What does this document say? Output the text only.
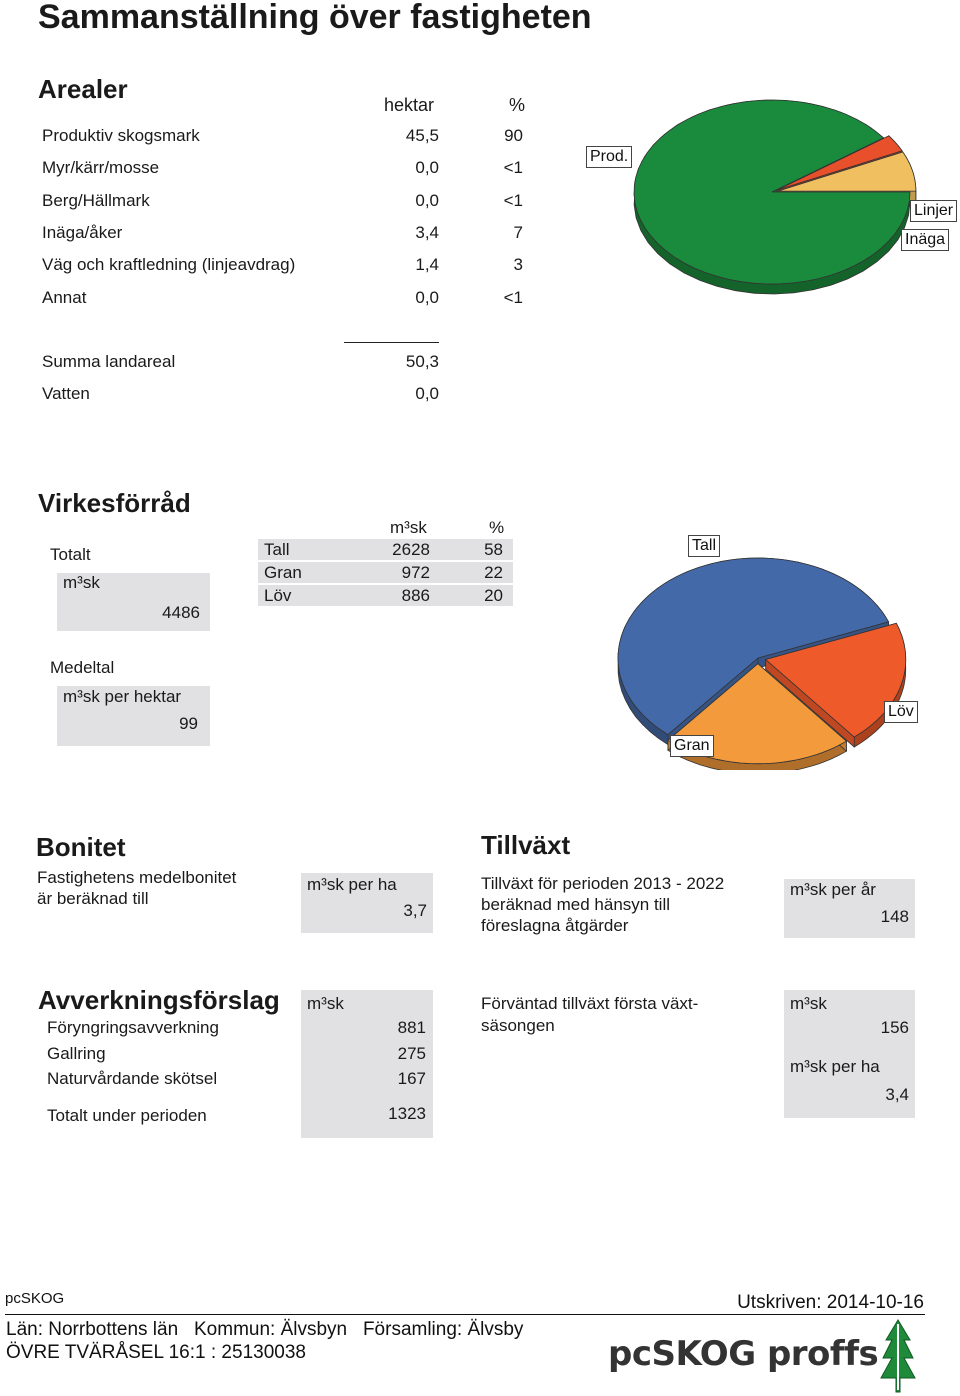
Sammanställning över fastigheten
Arealer
hektar	%
Produktiv skogsmark	45,5	90
Myr/kärr/mosse	0,0	<1
Berg/Hällmark	0,0	<1
Inäga/åker	3,4	7
Väg och kraftledning (linjeavdrag)	1,4	3
Annat	0,0	<1
Summa landareal	50,3
Vatten	0,0
Prod.
Linjer
Inäga
Virkesförråd
Totalt
m³sk
4486
m³sk	%
Tall	2628	58
Gran	972	22
Löv	886	20
Medeltal
m³sk per hektar
99
Tall
Löv
Gran
Bonitet
Fastighetens medelbonitet
är beräknad till
m³sk per ha
3,7
Tillväxt
Tillväxt för perioden 2013 - 2022
beräknad med hänsyn till
föreslagna åtgärder
m³sk per år
148
Avverkningsförslag m³sk
Föryngringsavverkning	881
Gallring	275
Naturvårdande skötsel	167
Totalt under perioden	1323
Förväntad tillväxt första växt-
säsongen
m³sk
156
m³sk per ha
3,4
pcSKOG	Utskriven: 2014-10-16
Län: Norrbottens län   Kommun: Älvsbyn   Församling: Älvsby
ÖVRE TVÄRÅSEL 16:1 : 25130038	pcSKOG proffs
